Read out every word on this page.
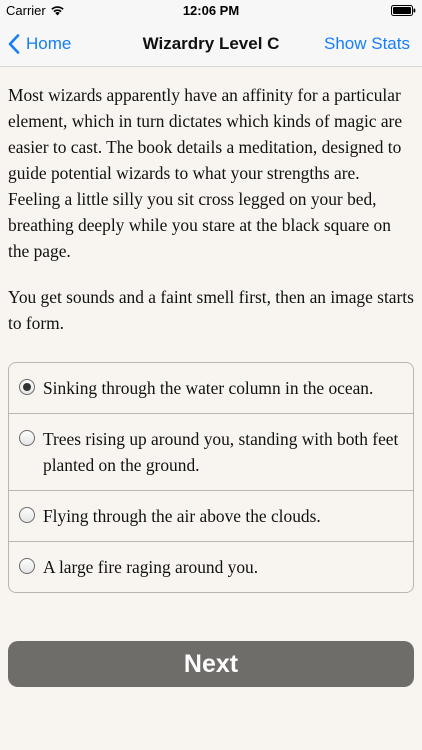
Carrier	12:06 PM
Home	Wizardry Level C	Show Stats

Most wizards apparently have an affinity for a particular element, which in turn dictates which kinds of magic are easier to cast. The book details a meditation, designed to guide potential wizards to what your strengths are. Feeling a little silly you sit cross legged on your bed, breathing deeply while you stare at the black square on the page.

You get sounds and a faint smell first, then an image starts to form.

Sinking through the water column in the ocean.
Trees rising up around you, standing with both feet planted on the ground.
Flying through the air above the clouds.
A large fire raging around you.
Next
